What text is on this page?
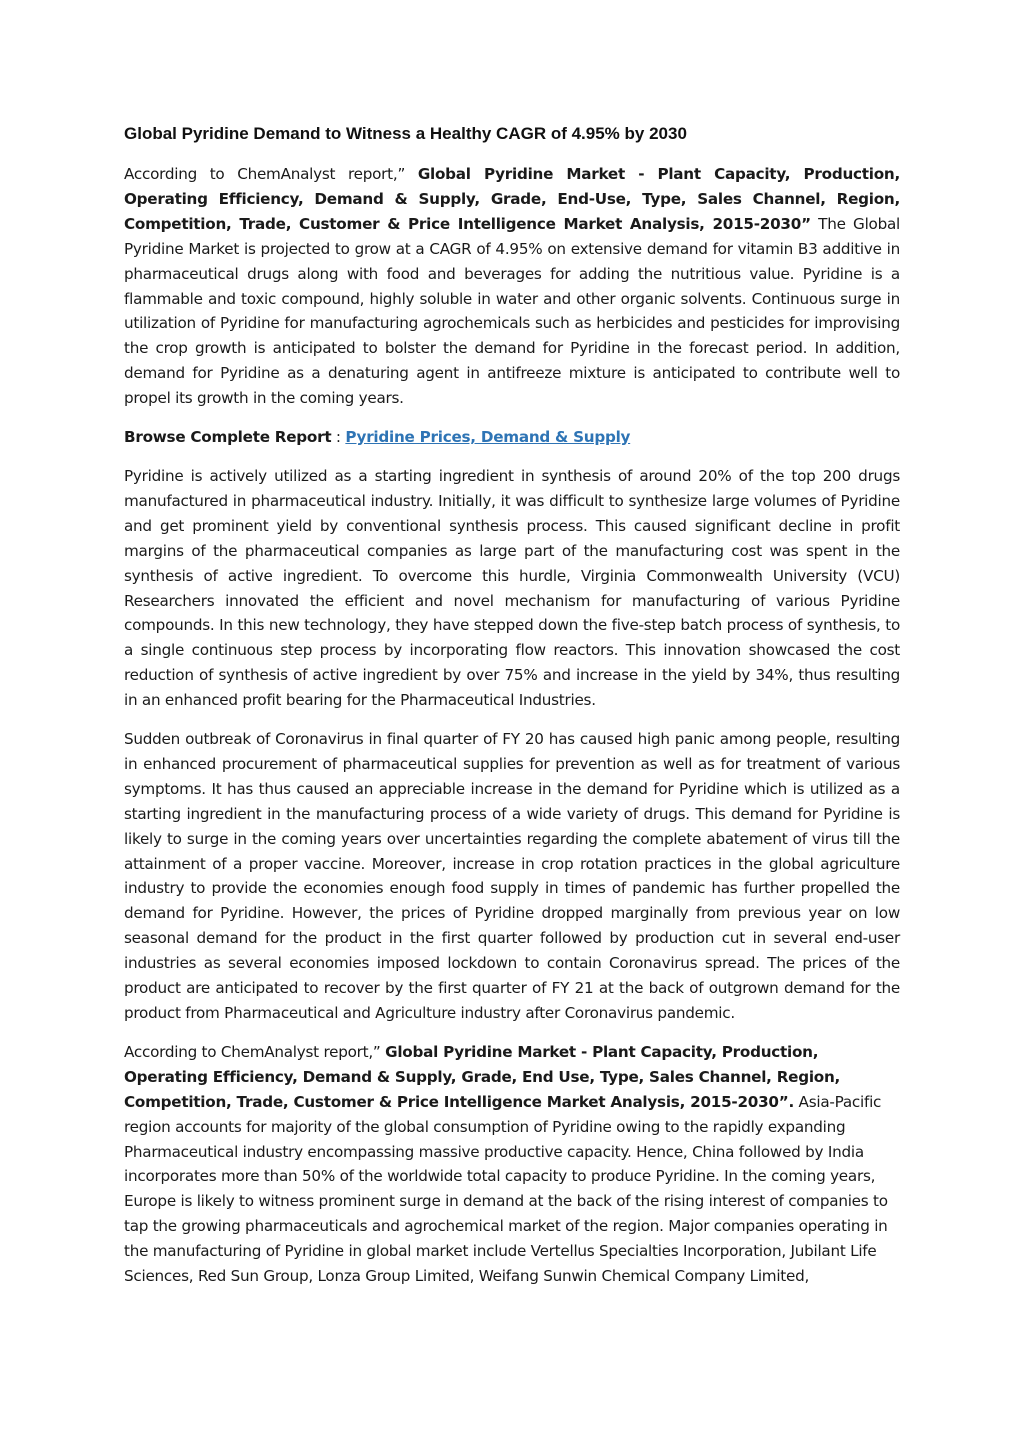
Global Pyridine Demand to Witness a Healthy CAGR of 4.95% by 2030

According to ChemAnalyst report,” Global Pyridine Market - Plant Capacity, Production, Operating Efficiency, Demand & Supply, Grade, End-Use, Type, Sales Channel, Region, Competition, Trade, Customer & Price Intelligence Market Analysis, 2015-2030” The Global Pyridine Market is projected to grow at a CAGR of 4.95% on extensive demand for vitamin B3 additive in pharmaceutical drugs along with food and beverages for adding the nutritious value. Pyridine is a flammable and toxic compound, highly soluble in water and other organic solvents. Continuous surge in utilization of Pyridine for manufacturing agrochemicals such as herbicides and pesticides for improvising the crop growth is anticipated to bolster the demand for Pyridine in the forecast period. In addition, demand for Pyridine as a denaturing agent in antifreeze mixture is anticipated to contribute well to propel its growth in the coming years.

Browse Complete Report : Pyridine Prices, Demand & Supply

Pyridine is actively utilized as a starting ingredient in synthesis of around 20% of the top 200 drugs manufactured in pharmaceutical industry. Initially, it was difficult to synthesize large volumes of Pyridine and get prominent yield by conventional synthesis process. This caused significant decline in profit margins of the pharmaceutical companies as large part of the manufacturing cost was spent in the synthesis of active ingredient. To overcome this hurdle, Virginia Commonwealth University (VCU) Researchers innovated the efficient and novel mechanism for manufacturing of various Pyridine compounds. In this new technology, they have stepped down the five-step batch process of synthesis, to a single continuous step process by incorporating flow reactors. This innovation showcased the cost reduction of synthesis of active ingredient by over 75% and increase in the yield by 34%, thus resulting in an enhanced profit bearing for the Pharmaceutical Industries.

Sudden outbreak of Coronavirus in final quarter of FY 20 has caused high panic among people, resulting in enhanced procurement of pharmaceutical supplies for prevention as well as for treatment of various symptoms. It has thus caused an appreciable increase in the demand for Pyridine which is utilized as a starting ingredient in the manufacturing process of a wide variety of drugs. This demand for Pyridine is likely to surge in the coming years over uncertainties regarding the complete abatement of virus till the attainment of a proper vaccine. Moreover, increase in crop rotation practices in the global agriculture industry to provide the economies enough food supply in times of pandemic has further propelled the demand for Pyridine. However, the prices of Pyridine dropped marginally from previous year on low seasonal demand for the product in the first quarter followed by production cut in several end-user industries as several economies imposed lockdown to contain Coronavirus spread. The prices of the product are anticipated to recover by the first quarter of FY 21 at the back of outgrown demand for the product from Pharmaceutical and Agriculture industry after Coronavirus pandemic.

According to ChemAnalyst report,” Global Pyridine Market - Plant Capacity, Production, Operating Efficiency, Demand & Supply, Grade, End Use, Type, Sales Channel, Region, Competition, Trade, Customer & Price Intelligence Market Analysis, 2015-2030”. Asia-Pacific region accounts for majority of the global consumption of Pyridine owing to the rapidly expanding Pharmaceutical industry encompassing massive productive capacity. Hence, China followed by India incorporates more than 50% of the worldwide total capacity to produce Pyridine. In the coming years, Europe is likely to witness prominent surge in demand at the back of the rising interest of companies to tap the growing pharmaceuticals and agrochemical market of the region. Major companies operating in the manufacturing of Pyridine in global market include Vertellus Specialties Incorporation, Jubilant Life Sciences, Red Sun Group, Lonza Group Limited, Weifang Sunwin Chemical Company Limited,
